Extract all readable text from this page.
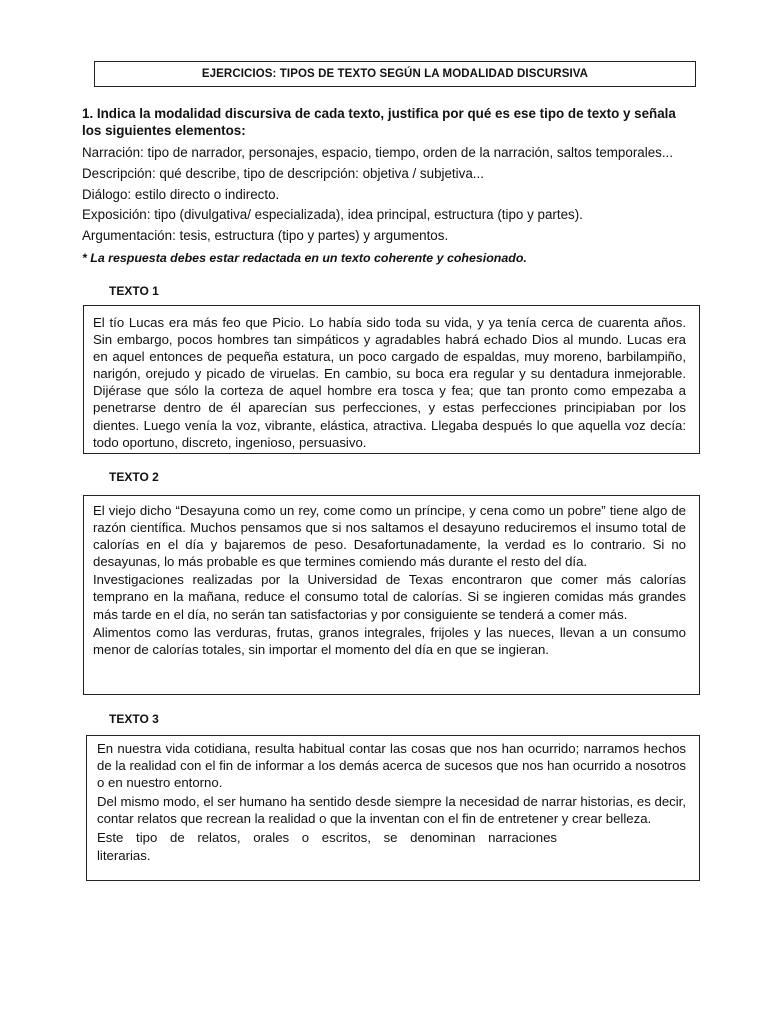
EJERCICIOS: TIPOS DE TEXTO SEGÚN LA MODALIDAD DISCURSIVA

1. Indica la modalidad discursiva de cada texto, justifica por qué es ese tipo de texto y señala los siguientes elementos:

Narración: tipo de narrador, personajes, espacio, tiempo, orden de la narración, saltos temporales...

Descripción: qué describe, tipo de descripción: objetiva / subjetiva...

Diálogo: estilo directo o indirecto.

Exposición: tipo (divulgativa/ especializada), idea principal, estructura (tipo y partes).

Argumentación: tesis, estructura (tipo y partes) y argumentos.

* La respuesta debes estar redactada en un texto coherente y cohesionado.

TEXTO 1

El tío Lucas era más feo que Picio. Lo había sido toda su vida, y ya tenía cerca de cuarenta años. Sin embargo, pocos hombres tan simpáticos y agradables habrá echado Dios al mundo. Lucas era en aquel entonces de pequeña estatura, un poco cargado de espaldas, muy moreno, barbilampiño, narigón, orejudo y picado de viruelas. En cambio, su boca era regular y su dentadura inmejorable. Dijérase que sólo la corteza de aquel hombre era tosca y fea; que tan pronto como empezaba a penetrarse dentro de él aparecían sus perfecciones, y estas perfecciones principiaban por los dientes. Luego venía la voz, vibrante, elástica, atractiva. Llegaba después lo que aquella voz decía: todo oportuno, discreto, ingenioso, persuasivo.

TEXTO 2

El viejo dicho “Desayuna como un rey, come como un príncipe, y cena como un pobre” tiene algo de razón científica. Muchos pensamos que si nos saltamos el desayuno reduciremos el insumo total de calorías en el día y bajaremos de peso. Desafortunadamente, la verdad es lo contrario. Si no desayunas, lo más probable es que termines comiendo más durante el resto del día.

Investigaciones realizadas por la Universidad de Texas encontraron que comer más calorías temprano en la mañana, reduce el consumo total de calorías. Si se ingieren comidas más grandes más tarde en el día, no serán tan satisfactorias y por consiguiente se tenderá a comer más.

Alimentos como las verduras, frutas, granos integrales, frijoles y las nueces, llevan a un consumo menor de calorías totales, sin importar el momento del día en que se ingieran.

TEXTO 3

En nuestra vida cotidiana, resulta habitual contar las cosas que nos han ocurrido; narramos hechos de la realidad con el fin de informar a los demás acerca de sucesos que nos han ocurrido a nosotros o en nuestro entorno.

Del mismo modo, el ser humano ha sentido desde siempre la necesidad de narrar historias, es decir, contar relatos que recrean la realidad o que la inventan con el fin de entretener y crear belleza.

Este tipo de relatos, orales o escritos, se denominan narraciones

literarias.
